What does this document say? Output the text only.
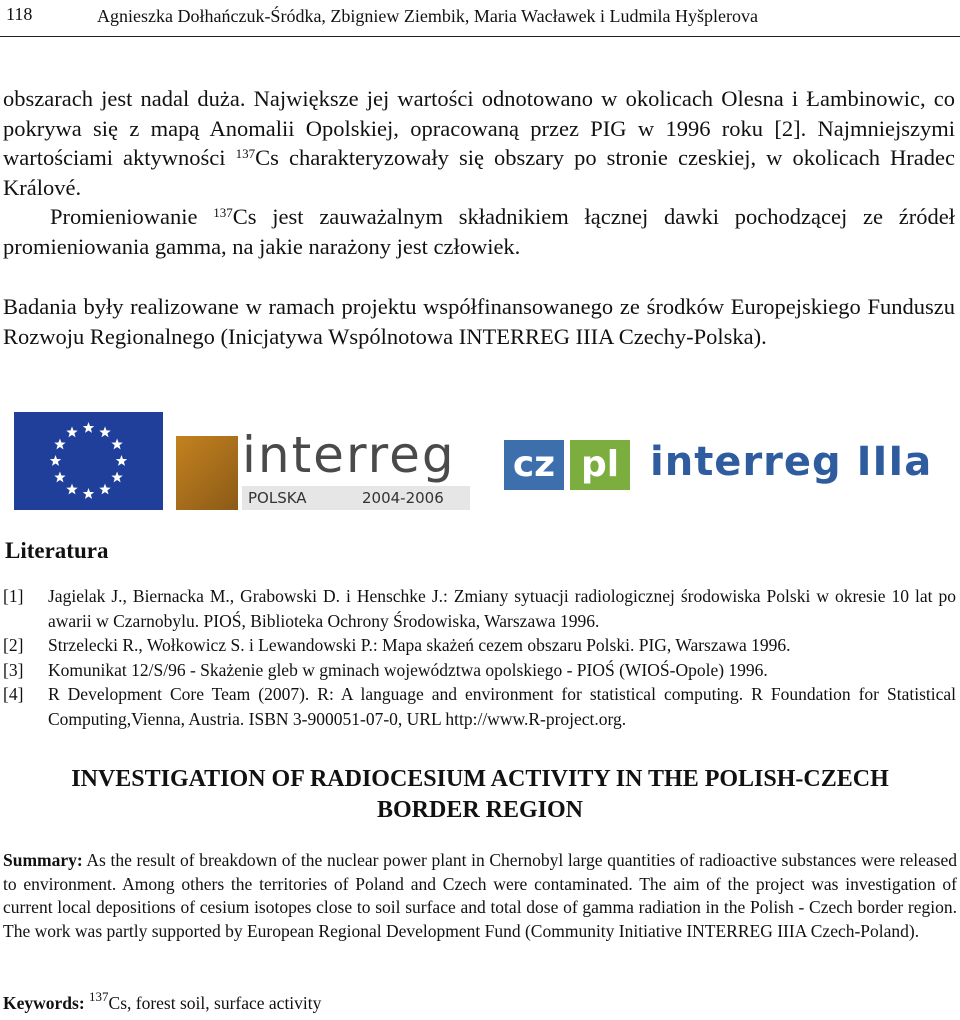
118	Agnieszka Dołhańczuk-Śródka, Zbigniew Ziembik, Maria Wacławek i Ludmila Hyšplerova
obszarach jest nadal duża. Największe jej wartości odnotowano w okolicach Olesna i Łambinowic, co pokrywa się z mapą Anomalii Opolskiej, opracowaną przez PIG w 1996 roku [2]. Najmniejszymi wartościami aktywności $^{137}$Cs charakteryzowały się obszary po stronie czeskiej, w okolicach Hradec Králové.
Promieniowanie $^{137}$Cs jest zauważalnym składnikiem łącznej dawki pochodzącej ze źródeł promieniowania gamma, na jakie narażony jest człowiek.
Badania były realizowane w ramach projektu współfinansowanego ze środków Europejskiego Funduszu Rozwoju Regionalnego (Inicjatywa Wspólnotowa INTERREG IIIA Czechy-Polska).
interreg
POLSKA	2004-2006
cz pl interreg IIIa
Literatura
[1] Jagielak J., Biernacka M., Grabowski D. i Henschke J.: Zmiany sytuacji radiologicznej środowiska Polski w okresie 10 lat po awarii w Czarnobylu. PIOŚ, Biblioteka Ochrony Środowiska, Warszawa 1996.
[2] Strzelecki R., Wołkowicz S. i Lewandowski P.: Mapa skażeń cezem obszaru Polski. PIG, Warszawa 1996.
[3] Komunikat 12/S/96 - Skażenie gleb w gminach województwa opolskiego - PIOŚ (WIOŚ-Opole) 1996.
[4] R Development Core Team (2007). R: A language and environment for statistical computing. R Foundation for Statistical Computing,Vienna, Austria. ISBN 3-900051-07-0, URL http://www.R-project.org.
INVESTIGATION OF RADIOCESIUM ACTIVITY IN THE POLISH-CZECH
BORDER REGION
Summary: As the result of breakdown of the nuclear power plant in Chernobyl large quantities of radioactive substances were released to environment. Among others the territories of Poland and Czech were contaminated. The aim of the project was investigation of current local depositions of cesium isotopes close to soil surface and total dose of gamma radiation in the Polish - Czech border region. The work was partly supported by European Regional Development Fund (Community Initiative INTERREG IIIA Czech-Poland).
Keywords: $^{137}$Cs, forest soil, surface activity
